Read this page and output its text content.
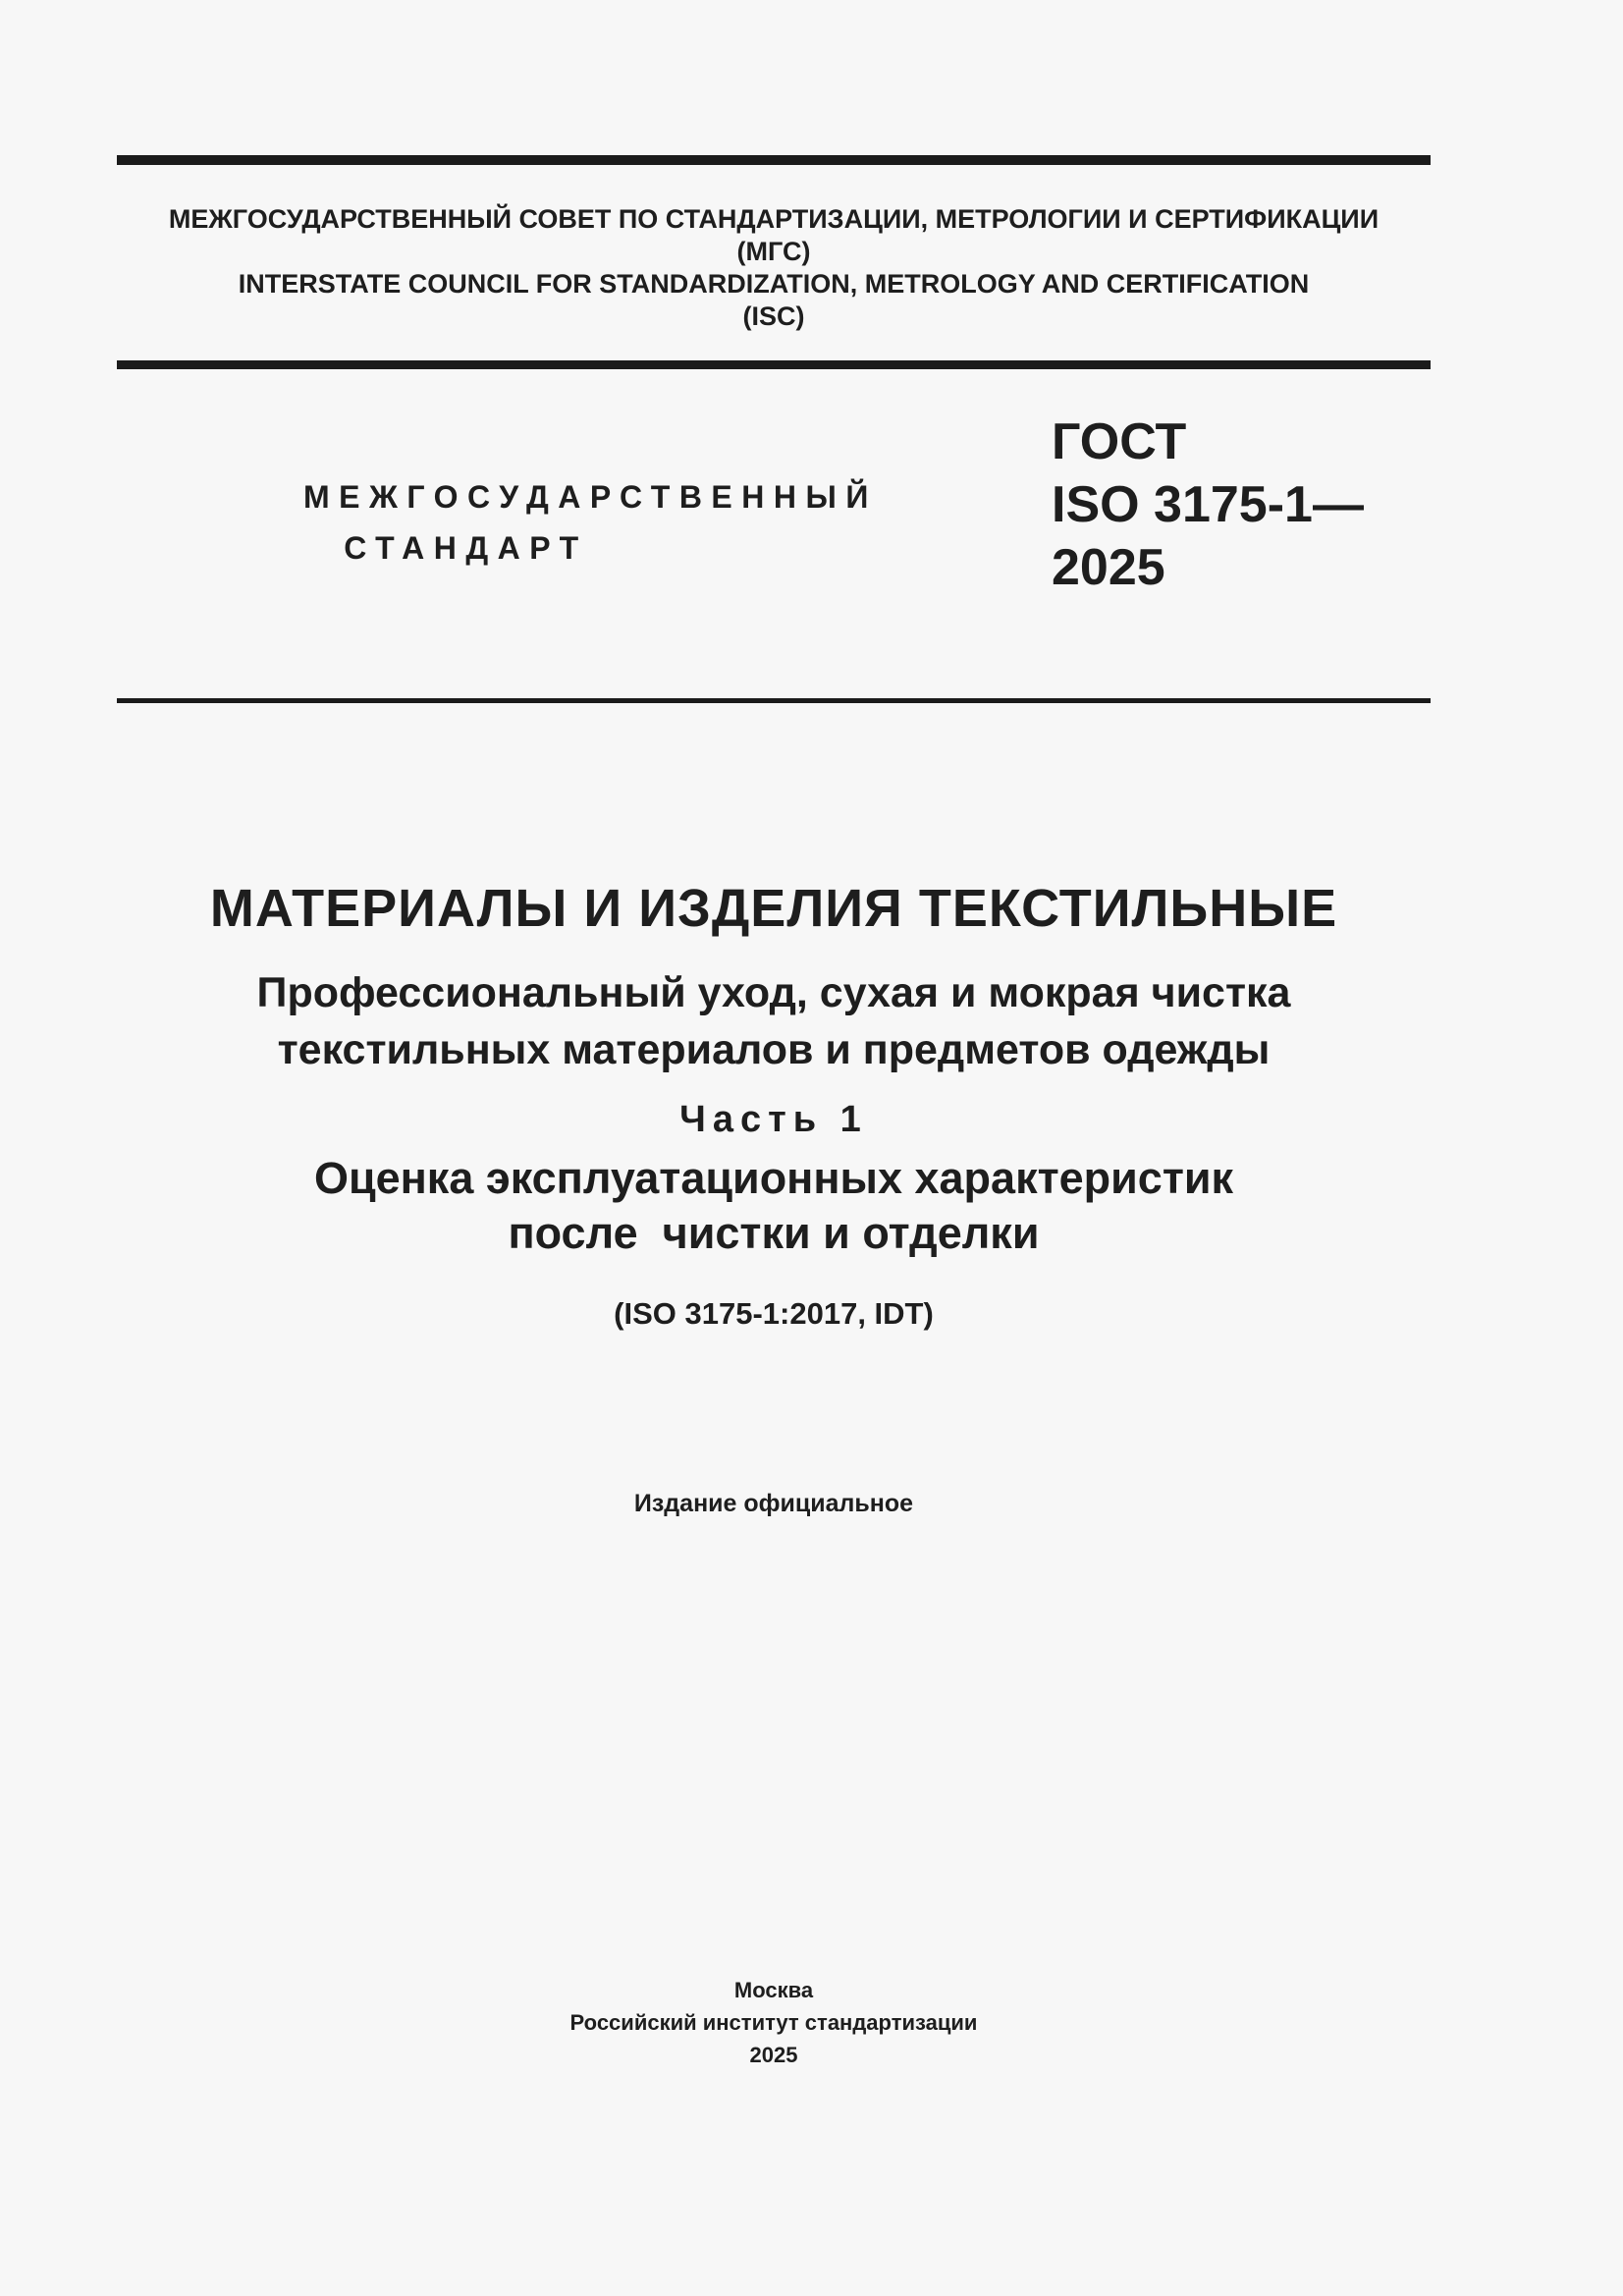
МЕЖГОСУДАРСТВЕННЫЙ СОВЕТ ПО СТАНДАРТИЗАЦИИ, МЕТРОЛОГИИ И СЕРТИФИКАЦИИ
(МГС)
INTERSTATE COUNCIL FOR STANDARDIZATION, METROLOGY AND CERTIFICATION
(ISC)
МЕЖГОСУДАРСТВЕННЫЙ
СТАНДАРТ
ГОСТ
ISO 3175-1—
2025
МАТЕРИАЛЫ И ИЗДЕЛИЯ ТЕКСТИЛЬНЫЕ
Профессиональный уход, сухая и мокрая чистка
текстильных материалов и предметов одежды
Часть 1
Оценка эксплуатационных характеристик
после  чистки и отделки
(ISO 3175-1:2017, IDT)
Издание официальное
Москва
Российский институт стандартизации
2025
